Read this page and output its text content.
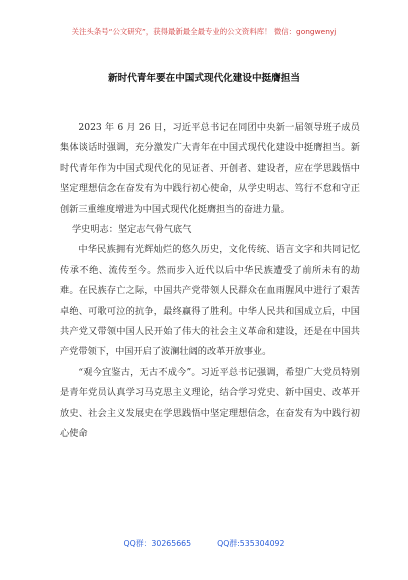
关注头条号“公文研究”，获得最新最全最专业的公文资料库！ 微信：gongwenyj
新时代青年要在中国式现代化建设中挺膺担当

2023 年 6 月 26 日，习近平总书记在同团中央新一届领导班子成员集体谈话时强调，充分激发广大青年在中国式现代化建设中挺膺担当。新时代青年作为中国式现代化的见证者、开创者、建设者，应在学思践悟中坚定理想信念在奋发有为中践行初心使命，从学史明志、笃行不怠和守正创新三重维度增进为中国式现代化挺膺担当的奋进力量。

学史明志：坚定志气骨气底气

中华民族拥有光辉灿烂的悠久历史，文化传统、语言文字和共同记忆传承不绝、流传至今。然而步入近代以后中华民族遭受了前所未有的劫难。在民族存亡之际，中国共产党带领人民群众在血雨腥风中进行了艰苦卓绝、可歌可泣的抗争，最终赢得了胜利。中华人民共和国成立后，中国共产党又带领中国人民开始了伟大的社会主义革命和建设，还是在中国共产党带领下，中国开启了波澜壮阔的改革开放事业。

“观今宜鉴古，无古不成今”。习近平总书记强调，希望广大党员特别是青年党员认真学习马克思主义理论，结合学习党史、新中国史、改革开放史、社会主义发展史在学思践悟中坚定理想信念，在奋发有为中践行初心使命

QQ群：30265665	QQ群:535304092
